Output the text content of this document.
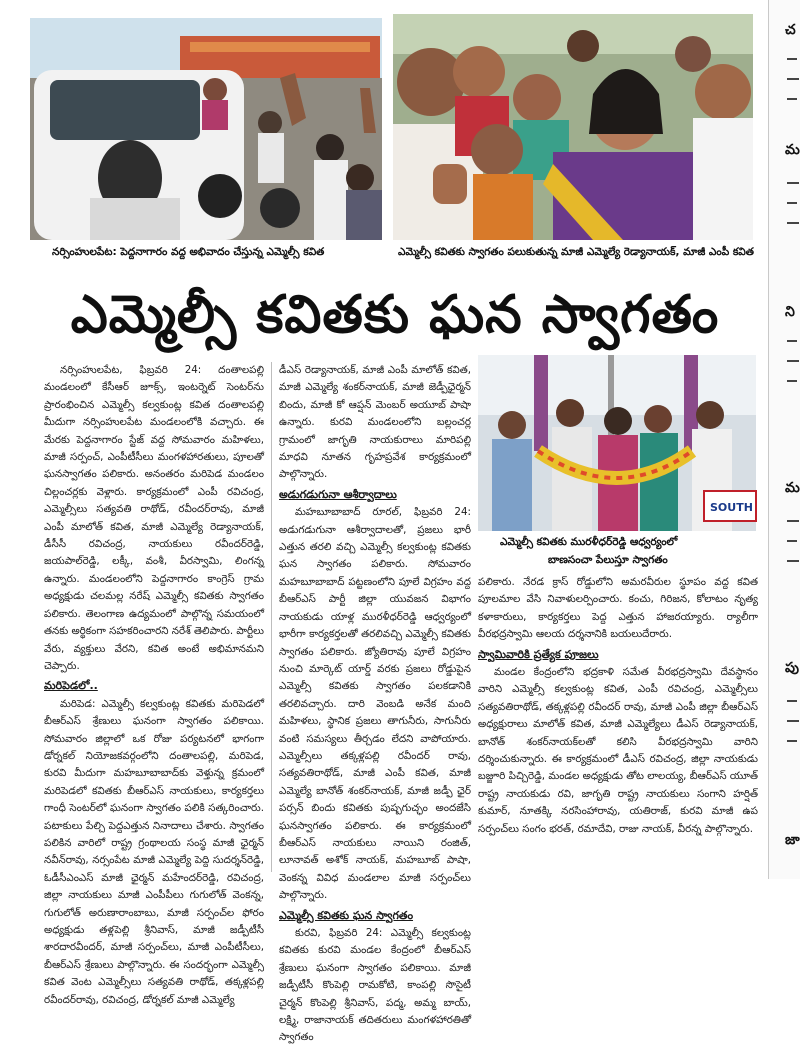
నర్సింహులపేట: పెద్దనాగారం వద్ద అభివాదం చేస్తున్న ఎమ్మెల్సీ కవిత	ఎమ్మెల్సీ కవితకు స్వాగతం పలుకుతున్న మాజీ ఎమ్మెల్యే రెడ్యానాయక్, మాజీ ఎంపీ కవిత
ఎమ్మెల్సీ కవితకు ఘన స్వాగతం

నర్సింహులపేట, ఫిబ్రవరి 24: దంతాలపల్లి మండలంలో కేసీఆర్ జూక్స్, ఇంటర్నెట్ సెంటర్‌ను ప్రారంభించిన ఎమ్మెల్సీ కల్వకుంట్ల కవిత దంతాలపల్లి మీదుగా నర్సింహులపేట మండలంలోకి వచ్చారు. ఈ మేరకు పెద్దనాగారం స్టేజ్ వద్ద సోమవారం మహిళలు, మాజీ సర్పంచ్, ఎంపీటీసీలు మంగళహారతులు, పూలతో ఘనస్వాగతం పలికారు. అనంతరం మరిపెడ మండలం చిల్లంచర్లకు వెళ్లారు. కార్యక్రమంలో ఎంపీ రవిచంద్ర, ఎమ్మెల్సీలు సత్యవతి రాథోడ్, రవీందర్‌రావు, మాజీ ఎంపీ మాలోత్ కవిత, మాజీ ఎమ్మెల్యే రెడ్యానాయక్, డీసీసీ రవిచంద్ర, నాయకులు రవీందర్‌రెడ్డి, జయపాల్‌రెడ్డి, లక్కీ, వంశీ, వీరస్వామి, లింగన్న ఉన్నారు. మండలంలోని పెద్దనాగారం కాంగ్రెస్ గ్రామ అధ్యక్షుడు చలమల్ల నరేష్ ఎమ్మెల్సీ కవితకు స్వాగతం పలికారు. తెలంగాణ ఉద్యమంలో పాల్గొన్న సమయంలో తనకు అర్థికంగా సహకరించారని నరేశ్ తెలిపారు. పార్టీలు వేరు, వ్యక్తులు వేరని, కవిత అంటే అభిమానమని చెప్పారు.

మరిపెడలో..

మరిపెడ: ఎమ్మెల్సీ కల్వకుంట్ల కవితకు మరిపెడలో బీఆర్ఎస్ శ్రేణులు ఘనంగా స్వాగతం పలికాయి. సోమవారం జిల్లాలో ఒక రోజు పర్యటనలో భాగంగా డోర్నకల్ నియోజకవర్గంలోని దంతాలపల్లి, మరిపెడ, కురవి మీదుగా మహబూబాబాద్‌కు వెళ్తున్న క్రమంలో మరిపెడలో కవితకు బీఆర్ఎస్ నాయకులు, కార్యకర్తలు గాంధీ సెంటర్‌లో ఘనంగా స్వాగతం పలికి సత్కరించారు. పటాకులు పేల్చి పెద్దఎత్తున నినాదాలు చేశారు. స్వాగతం పలికిన వారిలో రాష్ట్ర గ్రంథాలయ సంస్థ మాజీ ఛైర్మన్ నవీన్‌రావు, నర్సంపేట మాజీ ఎమ్మెల్యే పెద్ది సుదర్శన్‌రెడ్డి, ఓడీసీఎంఎస్ మాజీ ఛైర్మన్ మహేందర్‌రెడ్డి, రవిచంద్ర, జిల్లా నాయకులు మాజీ ఎంపీపీలు గుగులోత్ వెంకన్న, గుగులోత్ అరుణారాంబాబు, మాజీ సర్పంచ్‌ల ఫోరం అధ్యక్షుడు తళ్లపెల్లి శ్రీనివాస్, మాజీ జడ్పీటీసీ శారదారవీందర్, మాజీ సర్పంచ్‌లు, మాజీ ఎంపీటీసీలు, బీఆర్ఎస్ శ్రేణులు పాల్గొన్నారు. ఈ సందర్భంగా ఎమ్మెల్సీ కవిత వెంట ఎమ్మెల్సీలు సత్యవతి రాథోడ్, తక్కళ్లపల్లి రవీందర్‌రావు, రవిచంద్ర, డోర్నకల్ మాజీ ఎమ్మెల్యే

డీఎస్ రెడ్యానాయక్, మాజీ ఎంపీ మాలోత్ కవిత, మాజీ ఎమ్మెల్యే శంకర్‌నాయక్, మాజీ జెడ్పీఛైర్మన్ బిందు, మాజీ కో ఆప్షన్ మెంబర్ అయూబ్ పాషా ఉన్నారు. కురవి మండలంలోని బల్లంచర్ల గ్రామంలో జాగృతి నాయకురాలు మారిపల్లి మాధవి నూతన గృహప్రవేశ కార్యక్రమంలో పాల్గొన్నారు.

అడుగడుగునా ఆశీర్వాదాలు

మహబూబాబాద్ రూరల్, ఫిబ్రవరి 24: అడుగడుగునా ఆశీర్వాదాలతో, ప్రజలు భారీ ఎత్తున తరలి వచ్చి ఎమ్మెల్సీ కల్వకుంట్ల కవితకు ఘన స్వాగతం పలికారు. సోమవారం మహబూబాబాద్ పట్టణంలోని పూలే విగ్రహం వద్ద బీఆర్ఎస్ పార్టీ జిల్లా యువజన విభాగం నాయకుడు యాళ్ల మురళీధర్‌రెడ్డి ఆధ్వర్యంలో భారీగా కార్యకర్తలతో తరలివచ్చి ఎమ్మెల్సీ కవితకు స్వాగతం పలికారు. జ్యోతిరావు పూలే విగ్రహం నుంచి మార్కెట్ యార్డ్ వరకు ప్రజలు రోడ్డుపైన ఎమ్మెల్సీ కవితకు స్వాగతం పలకడానికి తరలివచ్చారు. దారి వెంబడి అనేక మంది మహిళలు, స్థానిక ప్రజలు తాగునీరు, సాగునీరు వంటి సమస్యలు తీర్చడం లేదని వాపోయారు. ఎమ్మెల్సీలు తక్కళ్లపల్లి రవీందర్ రావు, సత్యవతిరాథోడ్, మాజీ ఎంపీ కవిత, మాజీ ఎమ్మెల్యే బానోత్ శంకర్‌నాయక్, మాజీ జడ్పీ ఛైర్ పర్సన్ బిందు కవితకు పుష్పగుచ్ఛం అందజేసి ఘనస్వాగతం పలికారు. ఈ కార్యక్రమంలో బీఆర్ఎస్ నాయకులు నాయిని రంజిత్, లూనావత్ అశోక్ నాయక్, మహబూబ్ పాషా, వెంకన్న వివిధ మండలాల మాజీ సర్పంచ్‌లు పాల్గొన్నారు.

ఎమ్మెల్సీ కవితకు ఘన స్వాగతం

కురవి, ఫిబ్రవరి 24: ఎమ్మెల్సీ కల్వకుంట్ల కవితకు కురవి మండల కేంద్రంలో బీఆర్ఎస్ శ్రేణులు ఘనంగా స్వాగతం పలికాయి. మాజీ జడ్పీటీసీ కొంపెల్లి రామకోటి, కాంపల్లి సొసైటీ చైర్మన్ కొంపెల్లి శ్రీనివాస్, పద్మ, అమ్మ బాయ్, లక్ష్మి, రాజానాయక్ తదితరులు మంగళహారతితో స్వాగతం

SOUTH
ఎమ్మెల్సీ కవితకు మురళీధర్‌రెడ్డి ఆధ్వర్యంలో
బాణసంచా పేలుస్తూ స్వాగతం

పలికారు. నేరడ క్రాస్ రోడ్డులోని అమరవీరుల స్థూపం వద్ద కవిత పూలమాల వేసి నివాళులర్పించారు. కంచు, గిరిజన, కోలాటం నృత్య కళాకారులు, కార్యకర్తలు పెద్ద ఎత్తున హాజరయ్యారు. ర్యాలీగా వీరభద్రస్వామి ఆలయ దర్శనానికి బయలుదేరారు.

స్వామివారికి ప్రత్యేక పూజలు

మండల కేంద్రంలోని భద్రకాళి సమేత వీరభద్రస్వామి దేవస్థానం వారిని ఎమ్మెల్సీ కల్వకుంట్ల కవిత, ఎంపీ రవిచంద్ర, ఎమ్మెల్సీలు సత్యవతిరాథోడ్, తక్కళ్లపల్లి రవీందర్ రావు, మాజీ ఎంపీ జిల్లా బీఆర్ఎస్ అధ్యక్షురాలు మాలోత్ కవిత, మాజీ ఎమ్మెల్యేలు డీఎస్ రెడ్యానాయక్, బానోత్ శంకర్‌నాయక్‌లతో కలిసి వీరభద్రస్వామి వారిని దర్శించుకున్నారు. ఈ కార్యక్రమంలో డీఎస్ రవిచంద్ర, జిల్లా నాయకుడు బజ్జూరి పిచ్చిరెడ్డి, మండల అధ్యక్షుడు తోట లాలయ్య, బీఆర్ఎస్ యూత్ రాష్ట్ర నాయకుడు రవి, జాగృతి రాష్ట్ర నాయకులు సంగాని హర్షిత్ కుమార్, నూతక్కి నరసింహారావు, యతిరాజ్, కురవి మాజీ ఉప సర్పంచ్‌లు సంగం భరత్, రమాదేవి, రాజు నాయక్, వీరన్న పాల్గొన్నారు.

చ
మ
ని
మ
పు
జా
